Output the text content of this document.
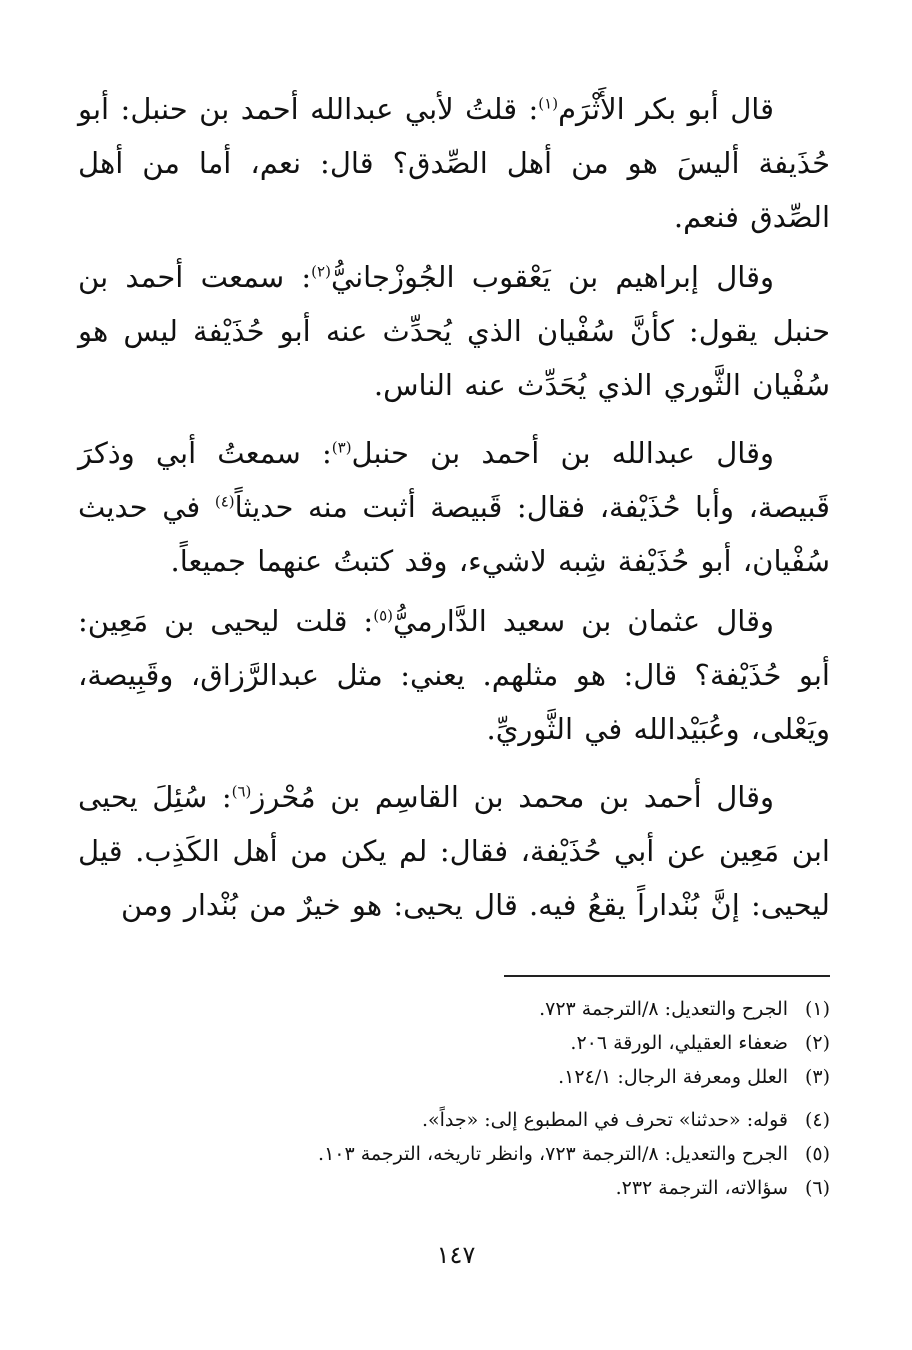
قال أبو بكر الأَثْرَم$^{(١)}$: قلتُ لأبي عبدالله أحمد بن حنبل: أبو حُذَيفة أليسَ هو من أهل الصِّدق؟ قال: نعم، أما من أهل الصِّدق فنعم.

وقال إبراهيم بن يَعْقوب الجُوزْجانيُّ$^{(٢)}$: سمعت أحمد بن حنبل يقول: كأنَّ سُفْيان الذي يُحدِّث عنه أبو حُذَيْفة ليس هو سُفْيان الثَّوري الذي يُحَدِّث عنه الناس.

وقال عبدالله بن أحمد بن حنبل$^{(٣)}$: سمعتُ أبي وذكرَ قَبيصة، وأبا حُذَيْفة، فقال: قَبيصة أثبت منه حديثاً$^{(٤)}$ في حديث سُفْيان، أبو حُذَيْفة شِبه لاشيء، وقد كتبتُ عنهما جميعاً.

وقال عثمان بن سعيد الدَّارميُّ$^{(٥)}$: قلت ليحيى بن مَعِين: أبو حُذَيْفة؟ قال: هو مثلهم. يعني: مثل عبدالرَّزاق، وقَبِيصة، ويَعْلى، وعُبَيْدالله في الثَّوريِّ.

وقال أحمد بن محمد بن القاسِم بن مُحْرز$^{(٦)}$: سُئِلَ يحيى ابن مَعِين عن أبي حُذَيْفة، فقال: لم يكن من أهل الكَذِب. قيل ليحيى: إنَّ بُنْداراً يقعُ فيه. قال يحيى: هو خيرٌ من بُنْدار ومن

(١)
الجرح والتعديل: ٨/الترجمة ٧٢٣.
(٢)
ضعفاء العقيلي، الورقة ٢٠٦.
(٣)
العلل ومعرفة الرجال: ١٢٤/١.
(٤)
قوله: «حدثنا» تحرف في المطبوع إلى: «جداً».
(٥)
الجرح والتعديل: ٨/الترجمة ٧٢٣، وانظر تاريخه، الترجمة ١٠٣.
(٦)
سؤالاته، الترجمة ٢٣٢.
١٤٧
